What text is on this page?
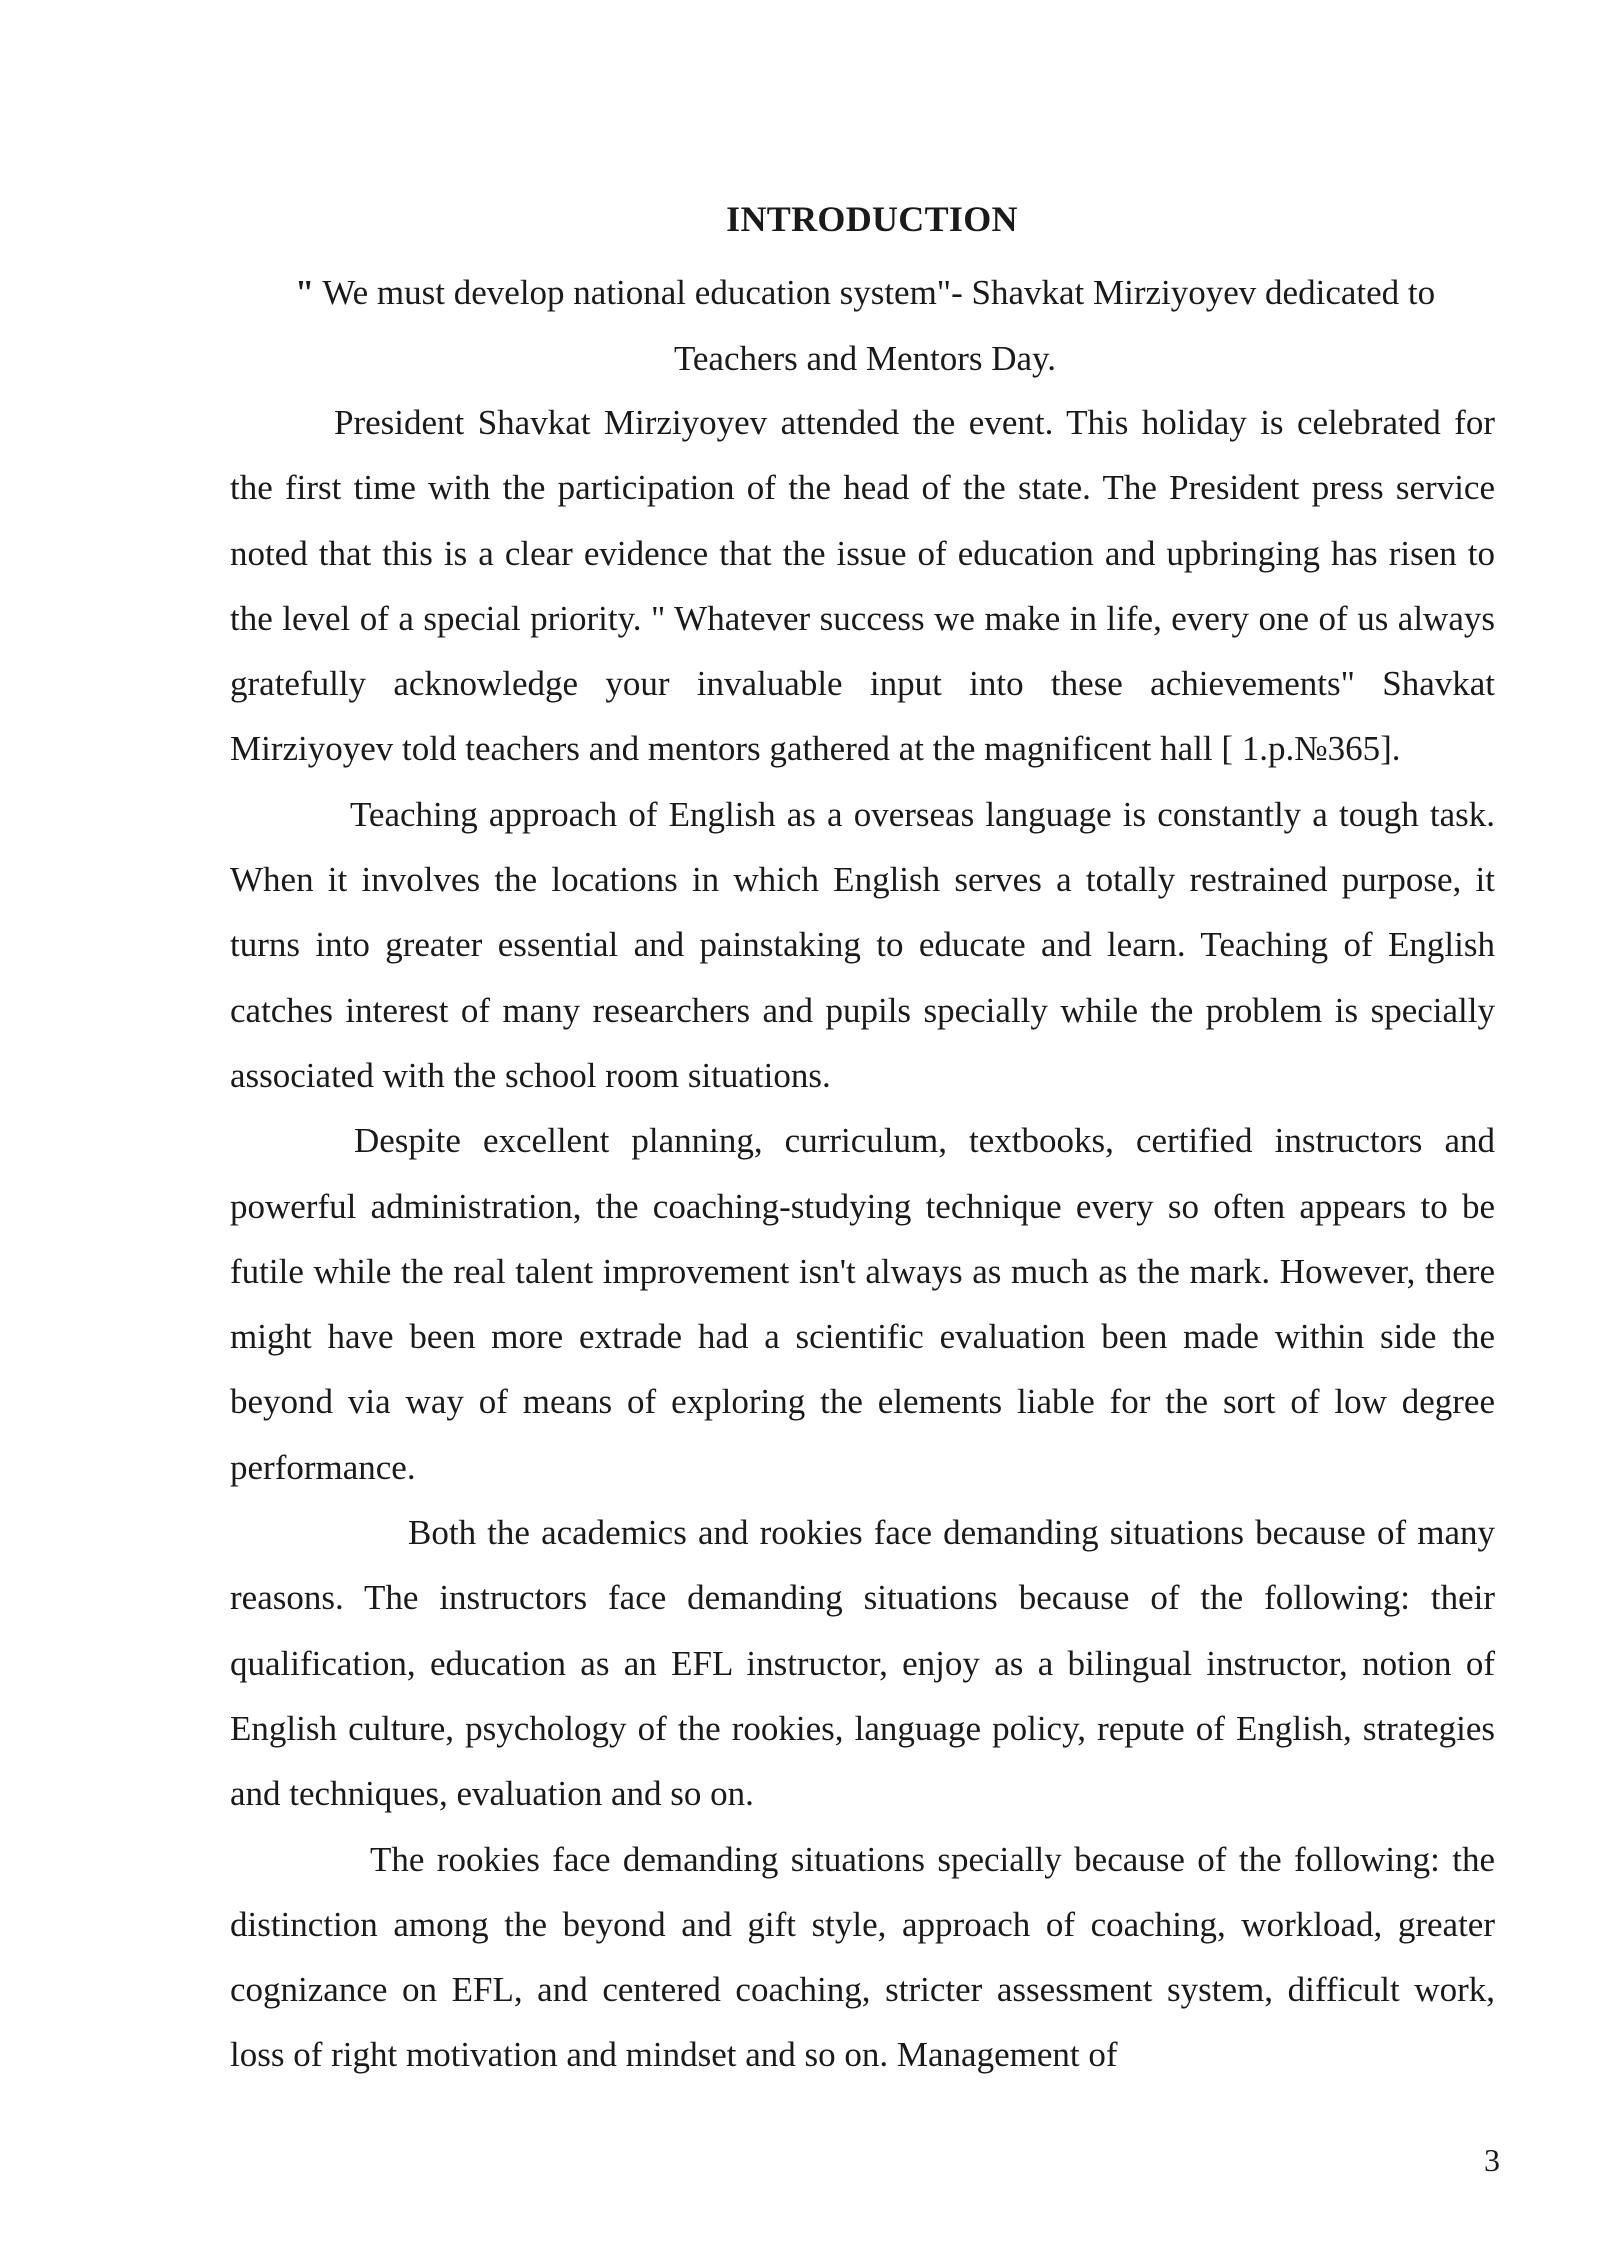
INTRODUCTION
" We must develop national education system"- Shavkat Mirziyoyev dedicated to Teachers and Mentors Day.

President Shavkat Mirziyoyev attended the event. This holiday is celebrated for the first time with the participation of the head of the state. The President press service noted that this is a clear evidence that the issue of education and upbringing has risen to the level of a special priority. " Whatever success we make in life, every one of us always gratefully acknowledge your invaluable input into these achievements" Shavkat Mirziyoyev told teachers and mentors gathered at the magnificent hall [ 1.p.№365].

Teaching approach of English as a overseas language is constantly a tough task. When it involves the locations in which English serves a totally restrained purpose, it turns into greater essential and painstaking to educate and learn. Teaching of English catches interest of many researchers and pupils specially while the problem is specially associated with the school room situations.

Despite excellent planning, curriculum, textbooks, certified instructors and powerful administration, the coaching-studying technique every so often appears to be futile while the real talent improvement isn't always as much as the mark. However, there might have been more extrade had a scientific evaluation been made within side the beyond via way of means of exploring the elements liable for the sort of low degree performance.

Both the academics and rookies face demanding situations because of many reasons. The instructors face demanding situations because of the following: their qualification, education as an EFL instructor, enjoy as a bilingual instructor, notion of English culture, psychology of the rookies, language policy, repute of English, strategies and techniques, evaluation and so on.

The rookies face demanding situations specially because of the following: the distinction among the beyond and gift style, approach of coaching, workload, greater cognizance on EFL, and centered coaching, stricter assessment system, difficult work, loss of right motivation and mindset and so on. Management of

3
